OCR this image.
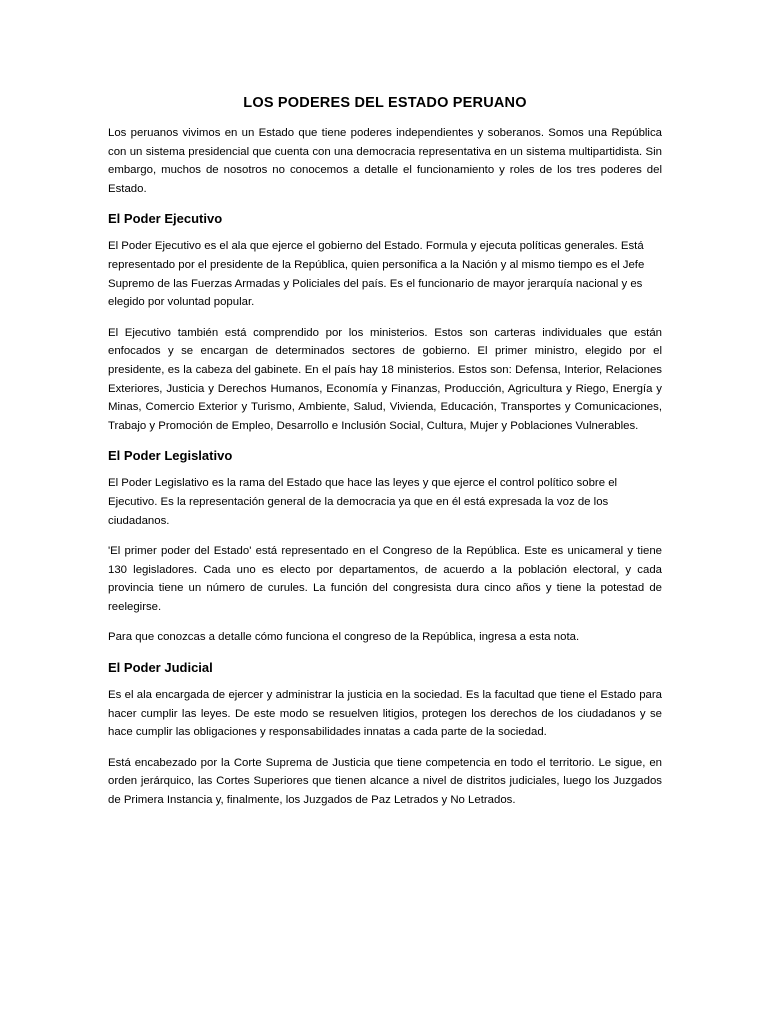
LOS PODERES DEL ESTADO PERUANO

Los peruanos vivimos en un Estado que tiene poderes independientes y soberanos. Somos una República con un sistema presidencial que cuenta con una democracia representativa en un sistema multipartidista. Sin embargo, muchos de nosotros no conocemos a detalle el funcionamiento y roles de los tres poderes del Estado.

El Poder Ejecutivo

El Poder Ejecutivo es el ala que ejerce el gobierno del Estado. Formula y ejecuta políticas generales. Está representado por el presidente de la República, quien personifica a la Nación y al mismo tiempo es el Jefe Supremo de las Fuerzas Armadas y Policiales del país. Es el funcionario de mayor jerarquía nacional y es elegido por voluntad popular.

El Ejecutivo también está comprendido por los ministerios. Estos son carteras individuales que están enfocados y se encargan de determinados sectores de gobierno. El primer ministro, elegido por el presidente, es la cabeza del gabinete. En el país hay 18 ministerios. Estos son: Defensa, Interior, Relaciones Exteriores, Justicia y Derechos Humanos, Economía y Finanzas, Producción, Agricultura y Riego, Energía y Minas, Comercio Exterior y Turismo, Ambiente, Salud, Vivienda, Educación, Transportes y Comunicaciones, Trabajo y Promoción de Empleo, Desarrollo e Inclusión Social, Cultura, Mujer y Poblaciones Vulnerables.

El Poder Legislativo

El Poder Legislativo es la rama del Estado que hace las leyes y que ejerce el control político sobre el Ejecutivo. Es la representación general de la democracia ya que en él está expresada la voz de los ciudadanos.

'El primer poder del Estado' está representado en el Congreso de la República. Este es unicameral y tiene 130 legisladores. Cada uno es electo por departamentos, de acuerdo a la población electoral, y cada provincia tiene un número de curules. La función del congresista dura cinco años y tiene la potestad de reelegirse.

Para que conozcas a detalle cómo funciona el congreso de la República, ingresa a esta nota.

El Poder Judicial

Es el ala encargada de ejercer y administrar la justicia en la sociedad. Es la facultad que tiene el Estado para hacer cumplir las leyes. De este modo se resuelven litigios, protegen los derechos de los ciudadanos y se hace cumplir las obligaciones y responsabilidades innatas a cada parte de la sociedad.

Está encabezado por la Corte Suprema de Justicia que tiene competencia en todo el territorio. Le sigue, en orden jerárquico, las Cortes Superiores que tienen alcance a nivel de distritos judiciales, luego los Juzgados de Primera Instancia y, finalmente, los Juzgados de Paz Letrados y No Letrados.
